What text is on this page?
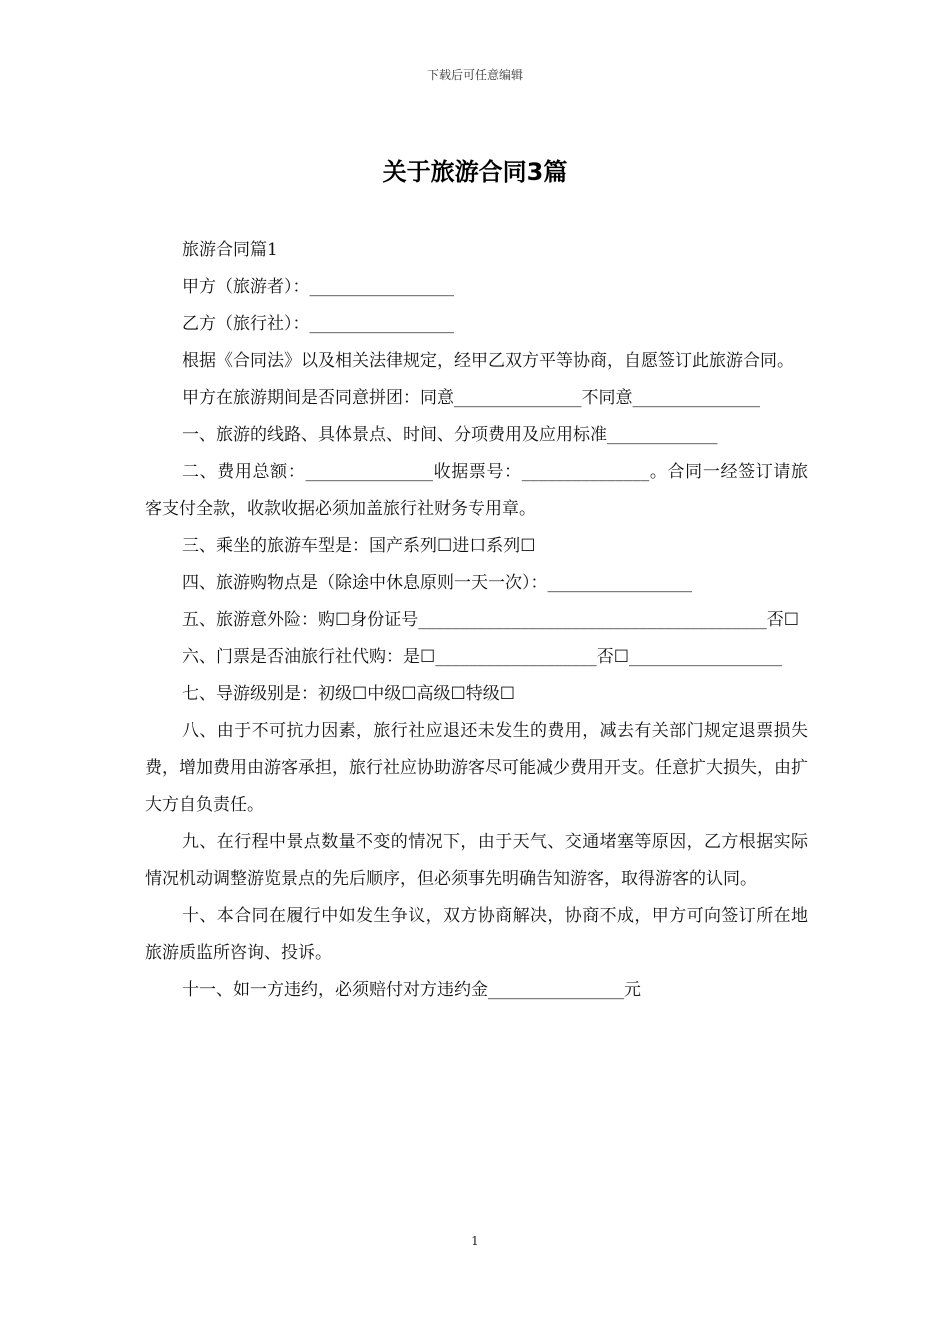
下载后可任意编辑
关于旅游合同3篇

旅游合同篇1

甲方（旅游者）：_________________

乙方（旅行社）：_________________

根据《合同法》以及相关法律规定，经甲乙双方平等协商，自愿签订此旅游合同。

甲方在旅游期间是否同意拼团：同意_______________不同意_______________

一、旅游的线路、具体景点、时间、分项费用及应用标准_____________

二、费用总额：_______________收据票号：_______________。合同一经签订请旅客支付全款，收款收据必须加盖旅行社财务专用章。

三、乘坐的旅游车型是：国产系列☐进口系列☐

四、旅游购物点是（除途中休息原则一天一次）：_________________

五、旅游意外险：购☐身份证号_________________________________________否☐

六、门票是否油旅行社代购：是☐___________________否☐__________________

七、导游级别是：初级☐中级☐高级☐特级☐

八、由于不可抗力因素，旅行社应退还未发生的费用，减去有关部门规定退票损失费，增加费用由游客承担，旅行社应协助游客尽可能减少费用开支。任意扩大损失，由扩大方自负责任。

九、在行程中景点数量不变的情况下，由于天气、交通堵塞等原因，乙方根据实际情况机动调整游览景点的先后顺序，但必须事先明确告知游客，取得游客的认同。

十、本合同在履行中如发生争议，双方协商解决，协商不成，甲方可向签订所在地旅游质监所咨询、投诉。

十一、如一方违约，必须赔付对方违约金________________元

1
